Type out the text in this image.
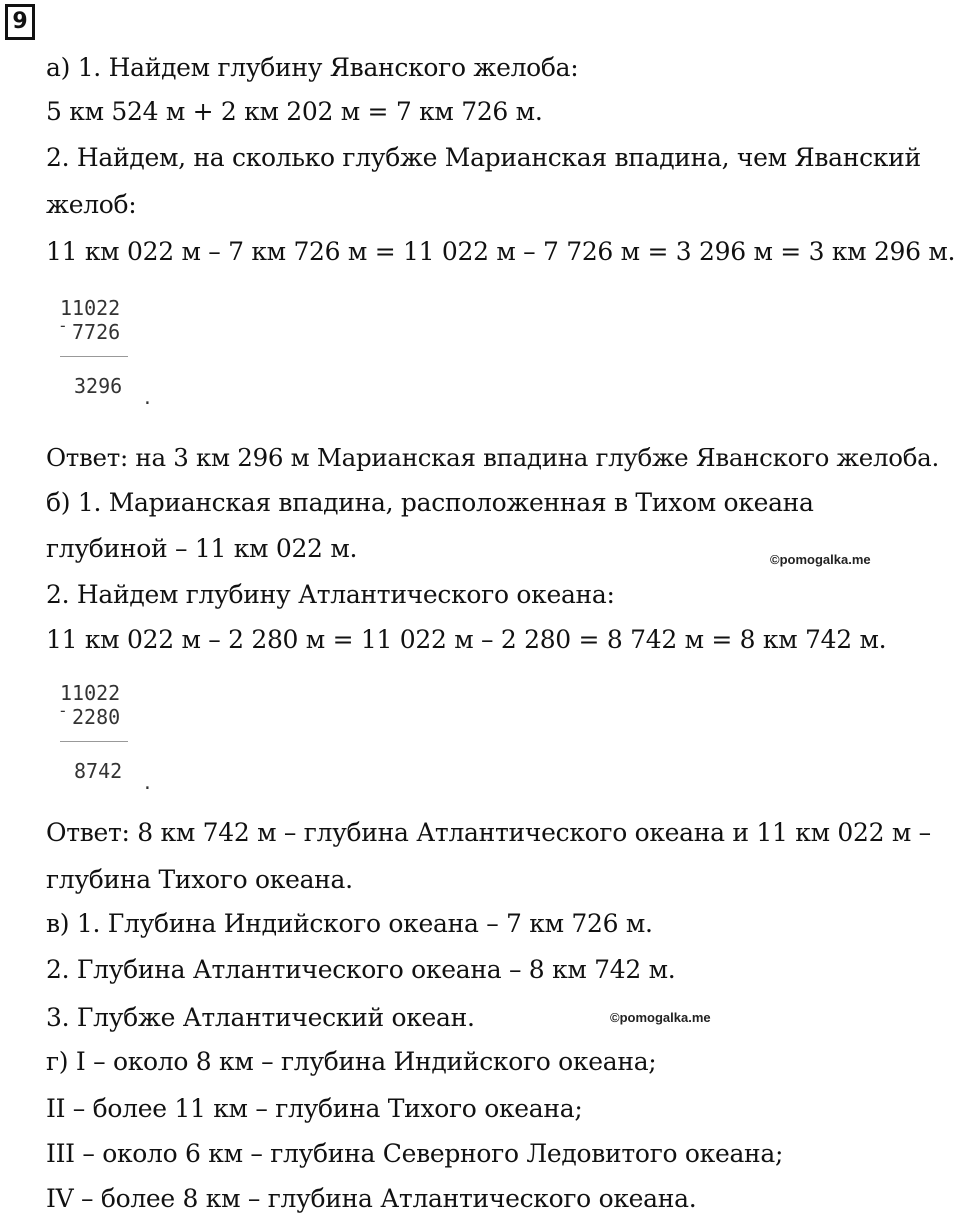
9
а) 1. Найдем глубину Яванского желоба:
5 км 524 м + 2 км 202 м = 7 км 726 м.
2. Найдем, на сколько глубже Марианская впадина, чем Яванский
желоб:
11 км 022 м – 7 км 726 м = 11 022 м – 7 726 м = 3 296 м = 3 км 296 м.
11022
- 7726
3296
.
Ответ: на 3 км 296 м Марианская впадина глубже Яванского желоба.
б) 1. Марианская впадина, расположенная в Тихом океана
глубиной – 11 км 022 м.	©pomogalka.me
2. Найдем глубину Атлантического океана:
11 км 022 м – 2 280 м = 11 022 м – 2 280 = 8 742 м = 8 км 742 м.
11022
- 2280
8742
.
Ответ: 8 км 742 м – глубина Атлантического океана и 11 км 022 м –
глубина Тихого океана.
в) 1. Глубина Индийского океана – 7 км 726 м.
2. Глубина Атлантического океана – 8 км 742 м.
3. Глубже Атлантический океан.	©pomogalka.me
г) I – около 8 км – глубина Индийского океана;
II – более 11 км – глубина Тихого океана;
III – около 6 км – глубина Северного Ледовитого океана;
IV – более 8 км – глубина Атлантического океана.
